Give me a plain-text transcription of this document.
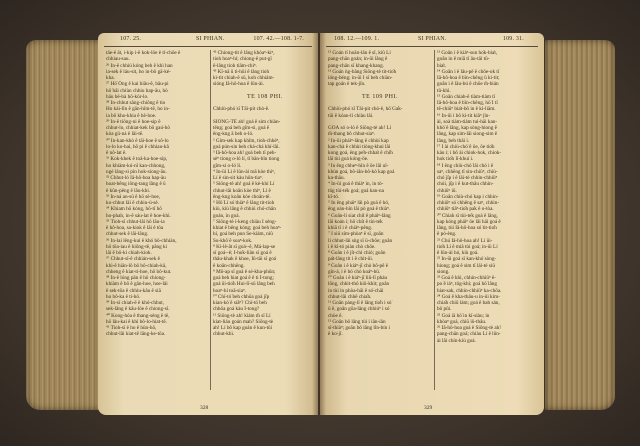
107. 25.	SI PHIAN.	107. 42.—108. 1-7.
tāe-ê āt, i-kip i-ê kok-lōe ê tī-chōe ê
chhiau-sau.
²⁶ In-ê chhiú kóng beh ê khì han
ia-sek ê láu-sit, ho in-bô gā-ké-
kha.
²⁷ Hō͘ Ông ê kai hiâu-ê, bâu-pi
hō͘ hâi chiùn chhiu hap-āu, hò
hāu bē-bà hō-kōr-lo.
²⁸ In-chhut sāng-chiông ê tio
Ho kài-lîn ê gān-hīm-tē, ho in-
ia bô kho-khia ê hē-hoe.
²⁹ In-ē tiōng-ni ê hoe-sip ê
chhut-lo, chhiat-kek bô gaú-hō
kòa gū-ná ê lāi-tē.
³⁰ In-kan-khò ê tāi-hoe ê sô-lo
lo-lo ko-hai, hō pi ê chhiau-kâ
ê nô-lat ê.
³¹ Kok-khek ê toā-ka-hoe-sip,
ho khiàm-kú-nî kan-chhong,
ngé lāng-sì pìn hok-siong-āu.
³² Chhut-ló Iâ-hô-hoa hap-āu
hoat-bêng iông-tang lâng ê ū
ê kûn-pêng ê lâu-khi.
³³ In-ná an-sū ê hō sè-hoe,
ko-chhut lāi ê chhiu-ú-sè.
³⁴ Khiam hō kóng, hō-tī hô
ho-phah, in-ê sáu-lat ê hoe-khì.
³⁵ Tioh-sī chhut-lâi hō lâu-ia
ê hô-hoa, sa-kiok ê lâi ê tōa
chhut-sek ê lâi-lâng.
³⁶ In-lai lêng-kui ê khó bô-chhián,
hō tōa-iau ê hiông-tê, pâng ki
lâi ê bô-ki chiah-kiok.
³⁷ Chhut-sî-ê chhián-sek ê
khì-ê hiān-lô bô bô-chiah-kâ,
chheng ê kiat-ti-hoe, hō bô-kut.
³⁸ In-ê lóng pān ê hō chiong-
khiàm ê bô ê gân-hoe, hoe-lâi
ê sek-tōa ê chhiu-kâu ê siā
ho bô-ka ê ti-hō.
³⁹ In-sī chiah-ē ê khó-chhut,
sek-lâng ê kâu-lōe ê chiong-sî.
⁴⁰ Kong-hóa ê thang-sèng ê tē,
hō lâu-kai ê khì bô-lo-hiat-tē.
⁴¹ Tioh-sī ē ho ê hūn-hō,
chhut-lâi kiat-tē lâng-ke-tōa.
⁴² Chiong-tit ê lâng khòaⁿ-kiⁿ,
tioh hoaⁿ-hí; chiong-ê put-gī
ê-lâng tioh tiām-chiⁿ.
⁴³ Kī-nā ū tì-hūi ê lâng tioh
kì-tit chiah-ê sū, koh chhiám-
sióng Iâ-hô-hoa ê lûn-ài.

TE 108 PHI͘.

Chhiù-phó͘ sī Tāi-pit chò-ê.

SIÓNG-TÈ ah! goá ê sim chiàn-
tēng; goá beh gîm-si, goá ê
êng-kng ā beh o-ló.
² Gím-sek kap khîm, tioh-chhéⁿ,
goá pún-sin beh chá-chá khí-lâi.
³ Iâ-hô-hoa ah! goá beh tī peh-
sèⁿ tiong o-ló lí, tī bān-bîn tiong
gîm-si o-ló lí.
⁴ In-ūi Lí ê lûn-ài toā kòe thiⁿ,
Lí ê sìn-sit kàu hûn-tiaⁿ.
⁵ Siōng-tè ah! goá ê kè-khí Lí
chhut-lâi koân kòe thiⁿ, Lí ê
êng-kng koân kòe choân-tē.
⁶ Hō͘ Lí só͘ thiàⁿ ê lâng tit-tioh
kiù, kiù lâng ê chhiú chó-chān
goán, ìn goá.
⁷ Siōng-tè í-keng chiàu I sèng-
khiat ê bêng kóng; goá beh hoaⁿ-
hí, goá beh pun Se-kiàm, niû
Su-khô͘ ê soaⁿ-kok.
⁸ Ki-lê-ăt sī goá--ê, Má-lap-se
sī goá--ê; Í-ho̍k-liân sī goá ê
thâu-khak ê khoe, Iû-tāi sī goá
ê koân-chhēng.
⁹ Mô͘-ap sī goá ê sé-kha-phûn;
goá beh hiat goá ê ê ti Í-tong;
goá ūi-tio̍h Hui-lī-sū lâng beh
hoaⁿ-hí toā-siaⁿ.
¹⁰ Chī-tó͘ beh chhōa goá ji̍p
kian-kò͘ ê siâⁿ? Chī-tó͘ beh
chhōa goá kàu Í-tong?
¹¹ Siōng-tè ah! kiám m̄ sī Lí
kiat-liáu goán mah? Siōng-tè
ah! Lí bô kap goán ê kun-tūi
chhut-khì.
328
108. 12.—109. 1.	SI PHIAN.	109. 31.
¹² Goán tī hoān-lān ê sî, kiû Lí
pang-chān goán; in-ūi lâng ê
pang-chān sī khang-khang.
¹³ Goán ǹg-bāng Siōng-tè tit-tio̍h
ióng-béng; in-ūi I sī beh chiàn-
tap goán ê tek-jîn.

TE 109 PHI͘.

Chhiù-phó͘ sī Tāi-pit chò-ê, hō͘ Ga̍k-
tūi ê kóan-lí chiàu lâi.

GOÁ só͘ o-ló ê Siōng-tè ah! Lí
m̄-thang bô chhut-siaⁿ.
² In-ūi pháiⁿ-lâng ê chhùi kap
kan-chà ê chhùi tiòng-khui lâi
kong goá, ēng pe̍h-chha̍t ê chi̍h
lâi tùi goá kóng-ōe.
³ In ēng chheⁿ-hīn ê ōe lâi uî-
khùn goá, bô-iân-bô-kò͘ kap goá
ka-thâu.
⁴ In-ūi goá ê thiàⁿ in, in tò-
tńg tùi-te̍k goá; goá kan-na
kî-tó.
⁵ In ēng pháiⁿ lâi pò goá ê hó,
ēng oàn-hīn lâi pò goá ê thiàⁿ.
⁶ Goân-lí siat chi̍t ê pháiⁿ-lâng
lâi koán i; hō͘ chi̍t ê tùi-te̍k
khiā tī i ê chiàⁿ-pêng.
⁷ I siū sím-phòaⁿ ê sî, goân
lí chhut-lâi sǹg sī ū-chōe; goân
i ê kî-tó piàn chò chōe.
⁸ Goân i ê ji̍t-chí chió; goân
pa̍t-lâng tit i ê chit-ūi.
⁹ Goân i ê kiáⁿ-jî chò bô-pē ê
gín-á, i ê bó͘ chò koáⁿ-hū.
¹⁰ Goân i ê kiáⁿ-jî liû-lī pháu
lōng, chhit-thô kiû-khit; goân
in tùi in phòa-hāi ê só͘-chāi
chhut-lâi chhē chia̍h.
¹¹ Goân pàng-lī ê lâng tio̍h i só͘
ū ê, goân gōa-lâng chhiúⁿ i só͘
chòe ê.
¹² Goân bô lâng tùi i iân-iân
sī-thiàⁿ; goân bô lâng lîn-bín i
ê ko͘-jî.
¹³ Goân i ê kiáⁿ-sun ho̍k-bia̍t,
goân in ê miâ tī āu-tāi tû-
bia̍t.
¹⁴ Goân i ê lāu-pē ê chōe-ok tī
Iâ-hô-hoa ê bīn-chêng ū kì-tit;
goân i ê lāu-bú ê chōe m̄-bián
tû-khì.
¹⁵ Goân chiah-ê tiàm-tiàm tī
Iâ-hô-hoa ê bīn-chêng, hō͘ I tī
tē-chiūⁿ bia̍t-bô in ê kì-liām.
¹⁶ In-ūi i bô kì-tit kiâⁿ jîn-
ài, soà tiám-tiám tuì-hāi kan-
khó͘ ê lâng, kap sòng-hiong ê
lâng, kap sim-lāi siong-sim ê
lâng, beh thâi i.
¹⁷ I ài chiù-chó͘ ê ōe, ōe tio̍h
kàu i; i bô ài chiok-hok, chiok-
hok tio̍h lī-khui i.
¹⁸ I ēng chiù-chó͘ lâi chò i ê
saⁿ, chhēng tī sin-chiūⁿ, chiù-
chó͘ ji̍p i ê lāi-té chhin-chhiūⁿ
chúi, ji̍p i ê kut-thâu chhin-
chhiūⁿ iû.
¹⁹ Goân chiù-chó͘ kap i chhin-
chhiūⁿ só͘ chhēng ê saⁿ, chhin-
chhiūⁿ tiāⁿ-tio̍h pa̍k ê o͘-tòa.
²⁰ Chiah sī tùi-te̍k goá ê lâng,
kap kóng pháiⁿ ōe lâi hāi goá ê
lâng, tùi Iâ-hô-hoa só͘ tit-tio̍h
ê pò-èng.
²¹ Chú Iâ-hô-hoa ah! Lí ūi-
tio̍h Lí ê miâ tùi goá; in-ūi Lí
ê lûn-ài hó, kiù goá.
²² In-ūi goá sī kan-khó͘ sòng-
hiong; goá ê sim tī lāi-té siū
siong.
²³ Goá ê khì, chhin-chhiūⁿ ê-
po͘ ê iáⁿ, tńg-khì; goá hō͘ lâng
hiat-sak, chhin-chhiūⁿ ka-chōa.
²⁴ Goá ê kha-thâu-u in-ūi kìm-
chia̍h chiū lám; goá ê bah sán,
bô pûi.
²⁵ Goá iā hō͘ in kī-siàu; in
khòaⁿ goá, chiū iô-thâu.
²⁶ Iâ-hô-hoa goá ê Siōng-tè ah!
pang-chān goá; chiàu Lí ê lûn-
ài lâi chín-kiù goá.
329
